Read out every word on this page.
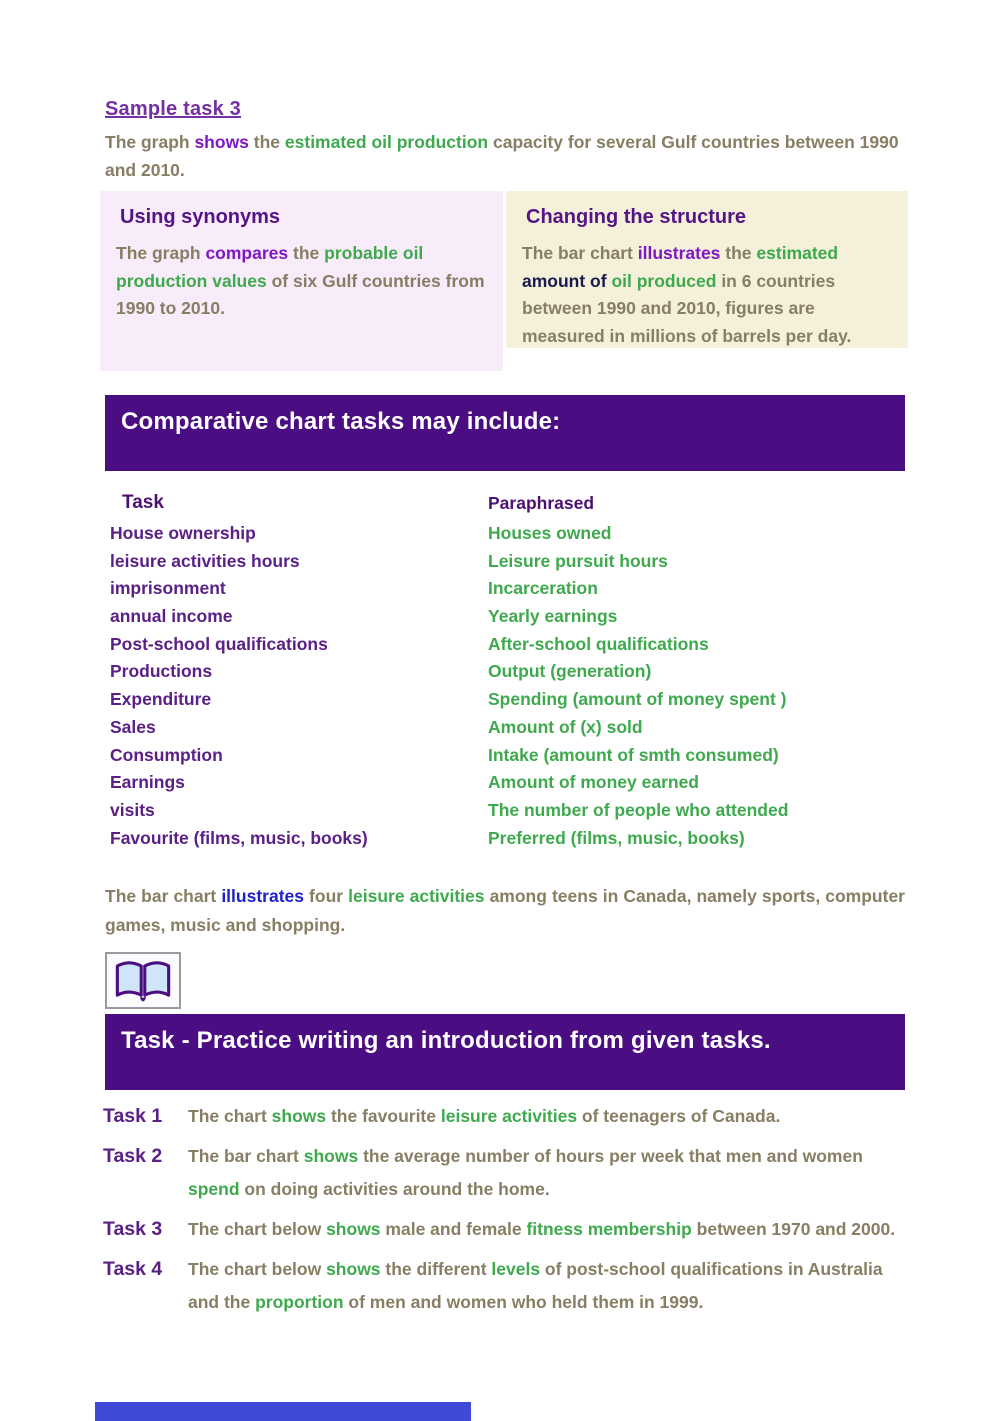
Sample task 3

The graph shows the estimated oil production capacity for several Gulf countries between 1990 and 2010.

Using synonyms
The graph compares the probable oil production values of six Gulf countries from 1990 to 2010.
Changing the structure
The bar chart illustrates the estimated amount of oil produced in 6 countries between 1990 and 2010, figures are measured in millions of barrels per day.
Comparative chart tasks may include:
Task	Paraphrased
House ownership	Houses owned
leisure activities hours	Leisure pursuit hours
imprisonment	Incarceration
annual income	Yearly earnings
Post-school qualifications	After-school qualifications
Productions	Output (generation)
Expenditure	Spending (amount of money spent )
Sales	Amount of (x) sold
Consumption	Intake (amount of smth consumed)
Earnings	Amount of money earned
visits	The number of people who attended
Favourite (films, music, books)	Preferred (films, music, books)

The bar chart illustrates four leisure activities among teens in Canada, namely sports, computer games, music and shopping.

Task - Practice writing an introduction from given tasks.
Task 1	The chart shows the favourite leisure activities of teenagers of Canada.
Task 2	The bar chart shows the average number of hours per week that men and women spend on doing activities around the home.
Task 3	The chart below shows male and female fitness membership between 1970 and 2000.
Task 4	The chart below shows the different levels of post-school qualifications in Australia and the proportion of men and women who held them in 1999.
